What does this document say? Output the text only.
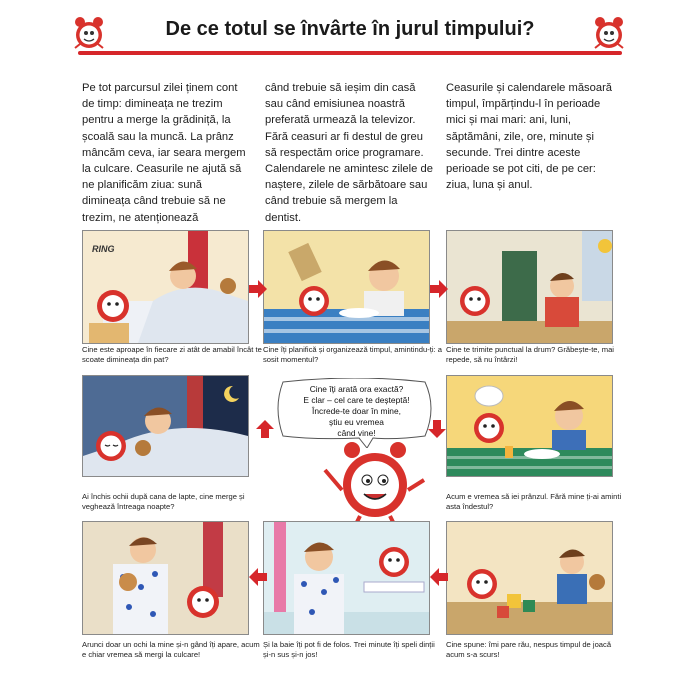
De ce totul se învârte în jurul timpului?
Pe tot parcursul zilei ținem cont de timp: dimineața ne trezim pentru a merge la grădiniță, la școală sau la muncă. La prânz mâncăm ceva, iar seara mergem la culcare. Ceasurile ne ajută să ne planificăm ziua: sună dimineața când trebuie să ne trezim, ne atenționează
când trebuie să ieșim din casă sau când emisiunea noastră preferată urmează la televizor. Fără ceasuri ar fi destul de greu să respectăm orice programare. Calendarele ne amintesc zilele de naștere, zilele de sărbătoare sau când trebuie să mergem la dentist.
Ceasurile și calendarele măsoară timpul, împărțindu-l în perioade mici și mai mari: ani, luni, săptămâni, zile, ore, minute și secunde. Trei dintre aceste perioade se pot citi, de pe cer: ziua, luna și anul.
RING
Cine este aproape în fiecare zi atât de amabil încât te scoate dimineața din pat?
Cine îți planifică și organizează timpul, amintindu-ți: a sosit momentul?
Cine te trimite punctual la drum? Grăbește-te, mai repede, să nu întârzi!
Cine îți arată ora exactă?
E clar – cel care te deșteptă!
Încrede-te doar în mine,
știu eu vremea
când vine!
Ai închis ochii după cana de lapte, cine merge și veghează întreaga noapte?
Acum e vremea să iei prânzul. Fără mine ți-ai aminti asta îndestul?
Arunci doar un ochi la mine și-n gând îți apare, acum e chiar vremea să mergi la culcare!
Și la baie îți pot fi de folos. Trei minute îți speli dinții și-n sus și-n jos!
Cine spune: îmi pare rău, nespus timpul de joacă acum s-a scurs!
